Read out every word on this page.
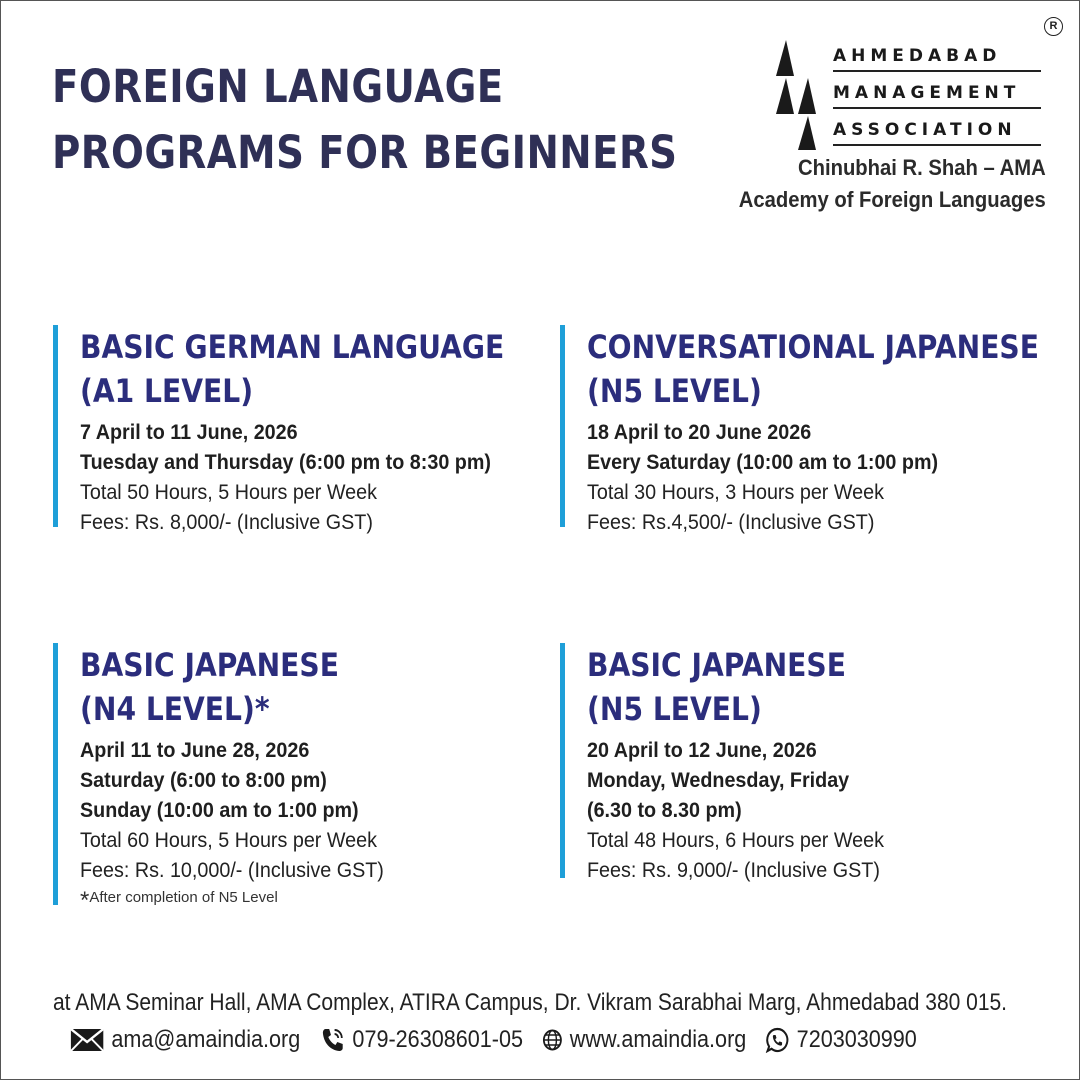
FOREIGN LANGUAGE
PROGRAMS FOR BEGINNERS
AHMEDABAD
MANAGEMENT
ASSOCIATION
R
Chinubhai R. Shah – AMA
Academy of Foreign Languages
BASIC GERMAN LANGUAGE
(A1 LEVEL)
7 April to 11 June, 2026
Tuesday and Thursday (6:00 pm to 8:30 pm)
Total 50 Hours, 5 Hours per Week
Fees: Rs. 8,000/- (Inclusive GST)
CONVERSATIONAL JAPANESE
(N5 LEVEL)
18 April to 20 June 2026
Every Saturday (10:00 am to 1:00 pm)
Total 30 Hours, 3 Hours per Week
Fees: Rs.4,500/- (Inclusive GST)
BASIC JAPANESE
(N4 LEVEL)*
April 11 to June 28, 2026
Saturday (6:00 to 8:00 pm)
Sunday (10:00 am to 1:00 pm)
Total 60 Hours, 5 Hours per Week
Fees: Rs. 10,000/- (Inclusive GST)
*After completion of N5 Level
BASIC JAPANESE
(N5 LEVEL)
20 April to 12 June, 2026
Monday, Wednesday, Friday
(6.30 to 8.30 pm)
Total 48 Hours, 6 Hours per Week
Fees: Rs. 9,000/- (Inclusive GST)

at AMA Seminar Hall, AMA Complex, ATIRA Campus, Dr. Vikram Sarabhai Marg, Ahmedabad 380 015.

ama@amaindia.org 079-26308601-05 www.amaindia.org 7203030990
